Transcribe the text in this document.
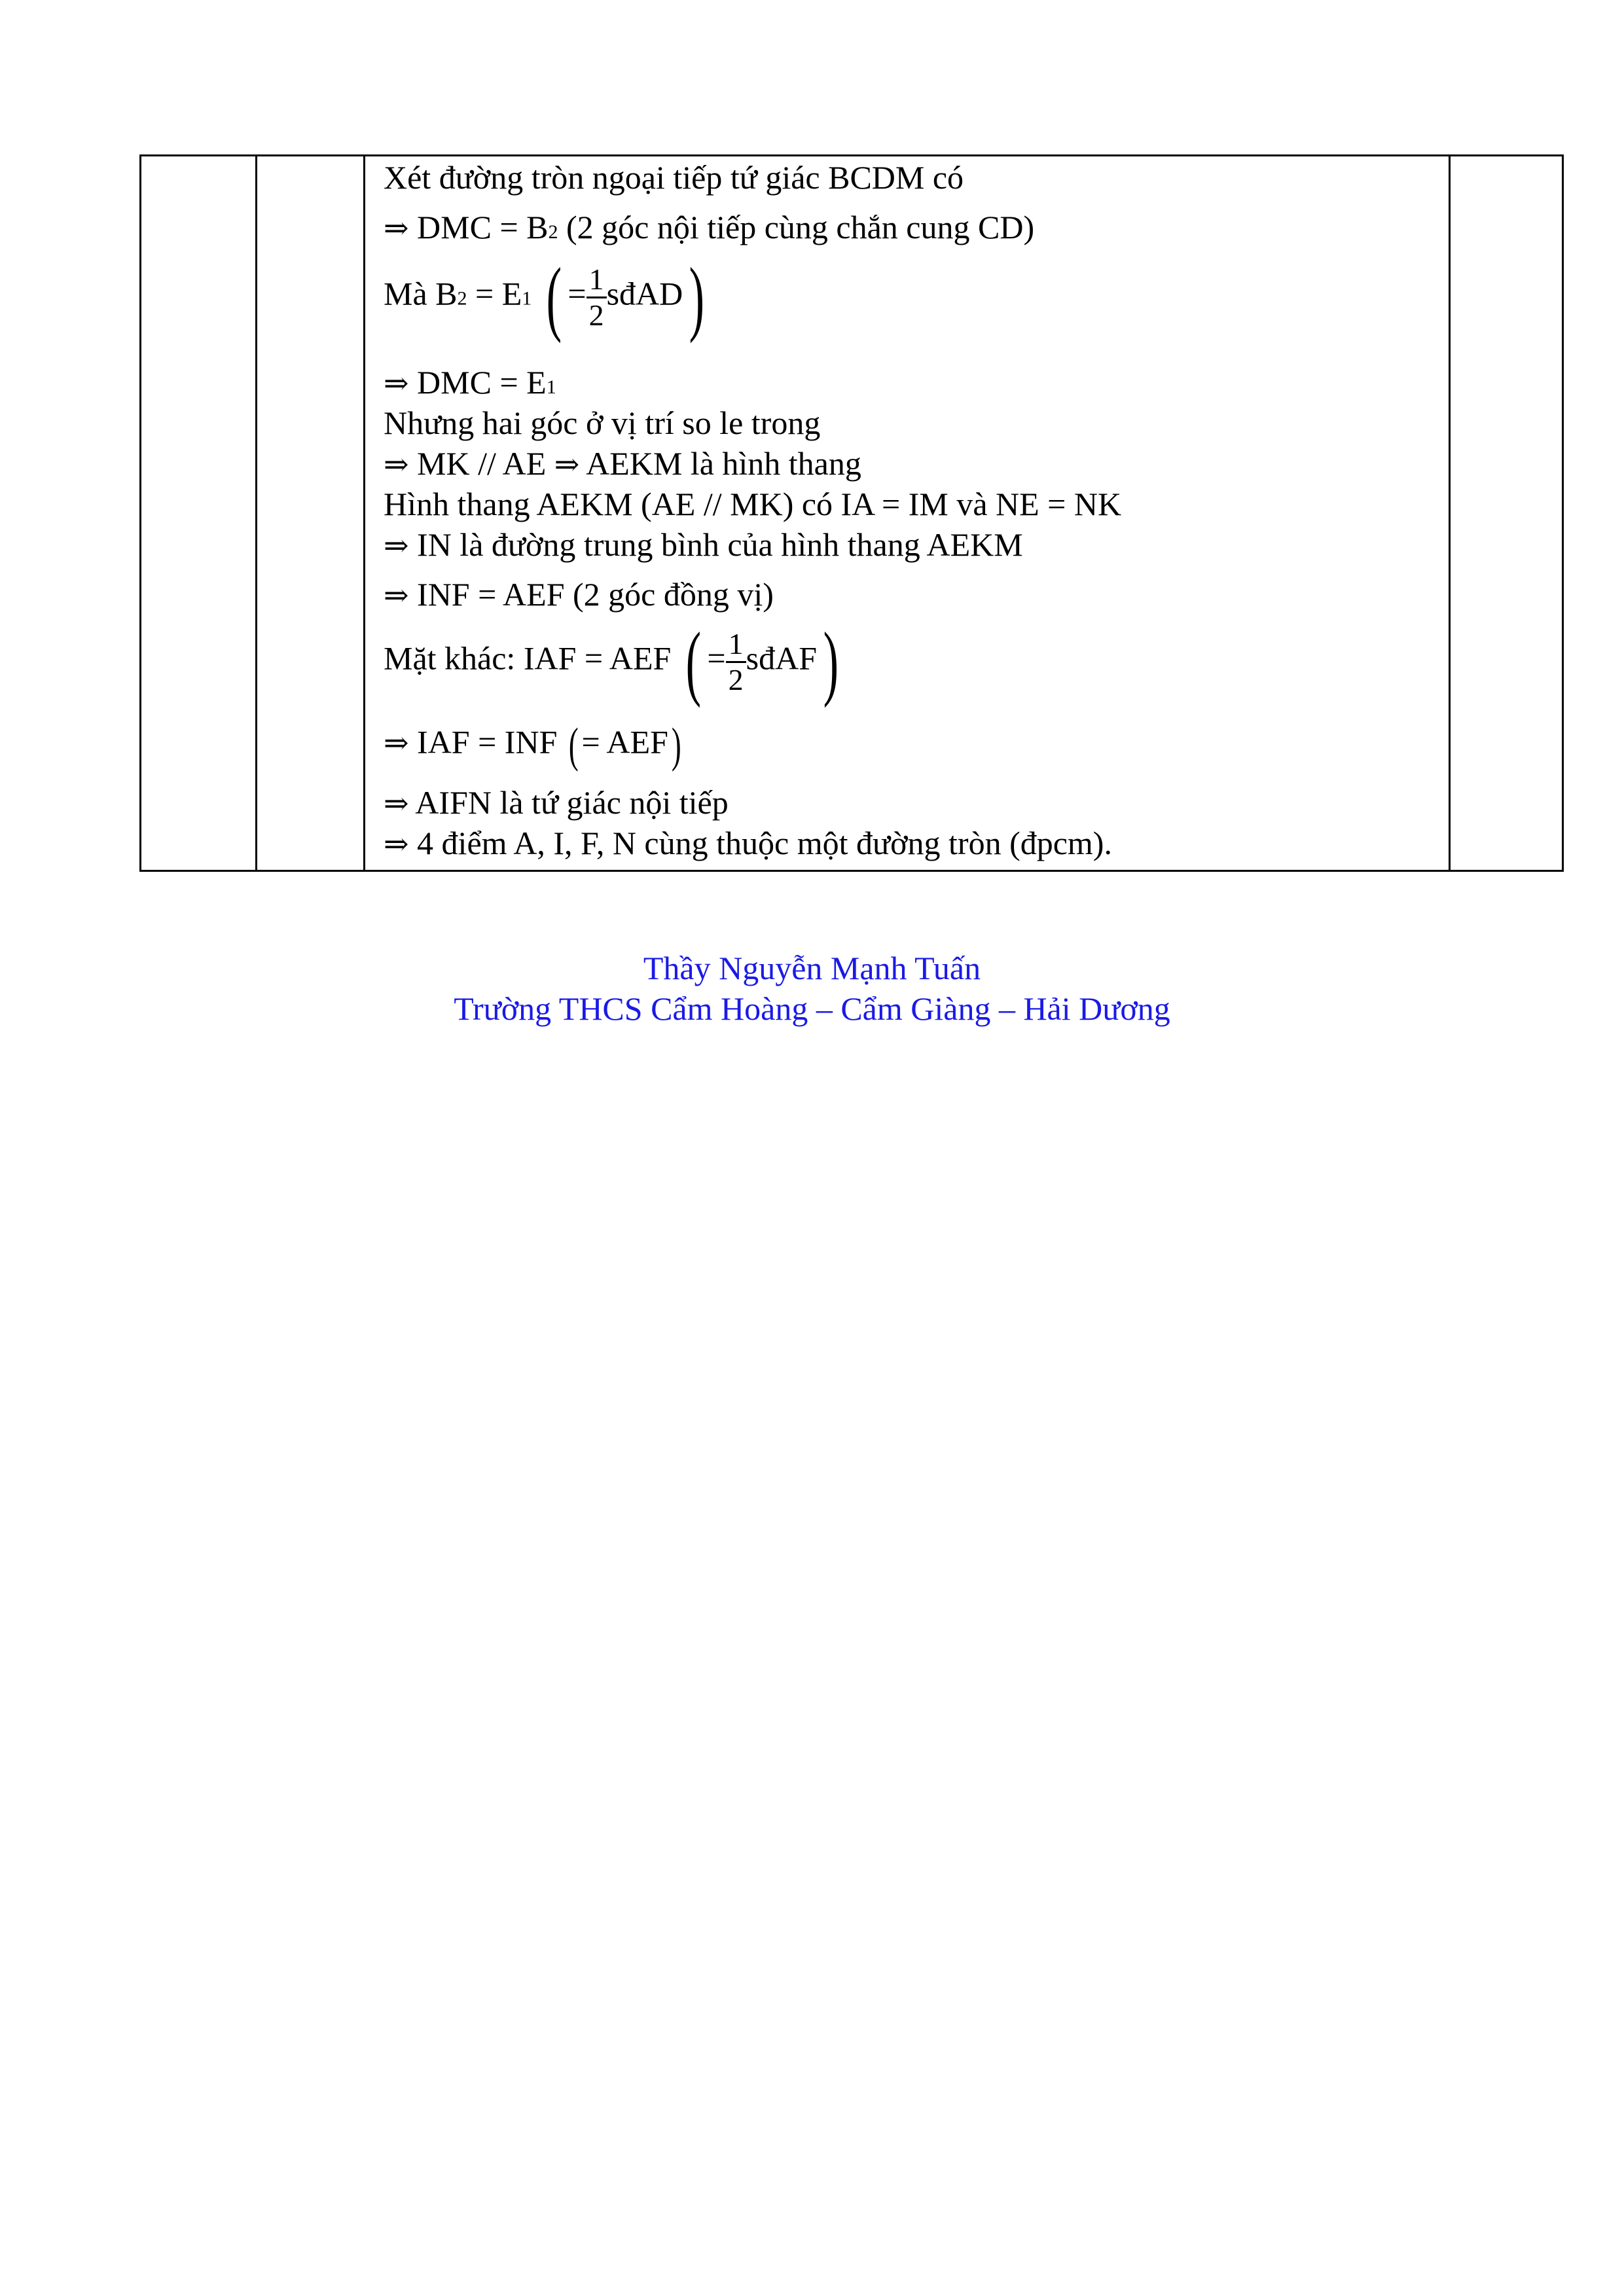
Xét đường tròn ngoại tiếp tứ giác BCDM có
⇒ DMC = B2 (2 góc nội tiếp cùng chắn cung CD)
Mà B2 = E1 ( = $\frac{1}{2}$ sđAD)
⇒ DMC = E1
Nhưng hai góc ở vị trí so le trong
⇒ MK // AE ⇒ AEKM là hình thang
Hình thang AEKM (AE // MK) có IA = IM và NE = NK
⇒ IN là đường trung bình của hình thang AEKM
⇒ INF = AEF (2 góc đồng vị)
Mặt khác: IAF = AEF ( = $\frac{1}{2}$ sđAF)
⇒ IAF = INF (= AEF)
⇒ AIFN là tứ giác nội tiếp
⇒ 4 điểm A, I, F, N cùng thuộc một đường tròn (đpcm).
Thầy Nguyễn Mạnh Tuấn
Trường THCS Cẩm Hoàng – Cẩm Giàng – Hải Dương
